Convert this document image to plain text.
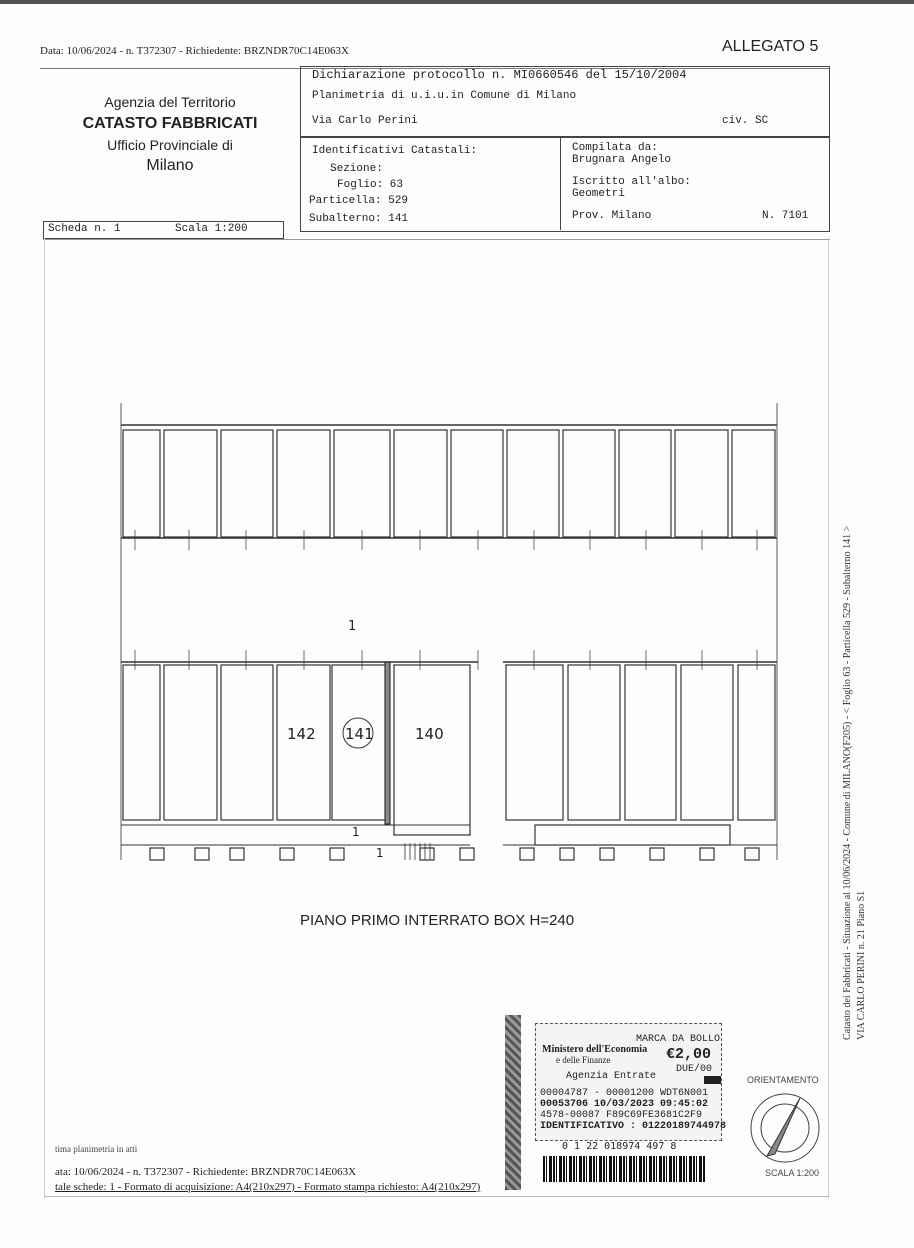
Data: 10/06/2024 - n. T372307 - Richiedente: BRZNDR70C14E063X	ALLEGATO 5
Agenzia del Territorio
CATASTO FABBRICATI
Ufficio Provinciale di
Milano
Dichiarazione protocollo n. MI0660546 del 15/10/2004
Planimetria di u.i.u.in Comune di Milano
Via Carlo Perini	civ. SC
Identificativi Catastali:
Sezione:
Foglio: 63
Particella: 529
Subalterno: 141
Compilata da:
Brugnara Angelo
Iscritto all'albo:
Geometri
Prov. Milano	N. 7101
Scheda n. 1	Scala 1:200
1
142 141	140
1
1
PIANO PRIMO INTERRATO BOX H=240
Ministero dell'Economia
e delle Finanze
MARCA DA BOLLO
€2,00
DUE/00
Agenzia Entrate
00004787 - 00001200 WDT6N001
00053706 10/03/2023 09:45:02
4578-00087 F89C69FE3681C2F9
IDENTIFICATIVO : 01220189744978
0 1 22 018974 497 8
ORIENTAMENTO
SCALA 1:200
Catasto dei Fabbricati - Situazione al 10/06/2024 - Comune di MILANO(F205) - < Foglio 63 - Particella 529 - Subalterno 141 > VIA CARLO PERINI n. 21 Piano S1
tima planimetria in atti
ata: 10/06/2024 - n. T372307 - Richiedente: BRZNDR70C14E063X
tale schede: 1 - Formato di acquisizione: A4(210x297) - Formato stampa richiesto: A4(210x297)
